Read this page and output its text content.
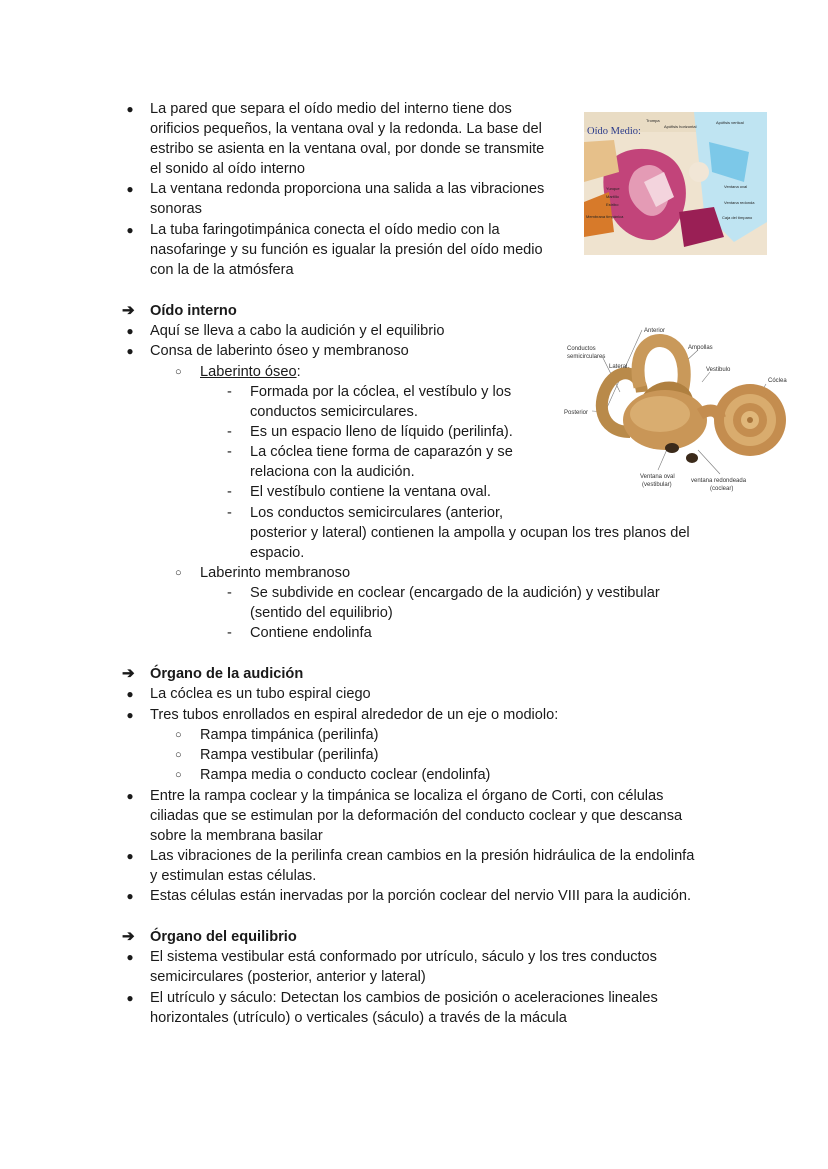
●	La pared que separa el oído medio del interno tiene dos
orificios pequeños, la ventana oval y la redonda. La base del
estribo se asienta en la ventana oval, por donde se transmite
el sonido al oído interno
●	La ventana redonda proporciona una salida a las vibraciones
sonoras
●	La tuba faringotimpánica conecta el oído medio con la
nasofaringe y su función es igualar la presión del oído medio
con la de la atmósfera
Oído Medio:
Yunque
Martillo
Estribo
Ventana oval
Ventana redonda
Caja del tímpano
Membrana timpánica
Trompa
Apófisis horizontal
Apófisis vertical
➔ Oído interno
●	Aquí se lleva a cabo la audición y el equilibrio
●	Consa de laberinto óseo y membranoso
○ Laberinto óseo:
- Formada por la cóclea, el vestíbulo y los
conductos semicirculares.
- Es un espacio lleno de líquido (perilinfa).
- La cóclea tiene forma de caparazón y se
relaciona con la audición.
- El vestíbulo contiene la ventana oval.
- Los conductos semicirculares (anterior,
posterior y lateral) contienen la ampolla y ocupan los tres planos del
espacio.
○ Laberinto membranoso
- Se subdivide en coclear (encargado de la audición) y vestibular
(sentido del equilibrio)
- Contiene endolinfa
Anterior
Conductos
semicirculares
Ampollas
Lateral	Vestibulo
Cóclea
Posterior
Ventana oval
(vestibular)
ventana redondeada
(coclear)
➔ Órgano de la audición
●	La cóclea es un tubo espiral ciego
●	Tres tubos enrollados en espiral alrededor de un eje o modiolo:
○ Rampa timpánica (perilinfa)
○ Rampa vestibular (perilinfa)
○ Rampa media o conducto coclear (endolinfa)
●	Entre la rampa coclear y la timpánica se localiza el órgano de Corti, con células
ciliadas que se estimulan por la deformación del conducto coclear y que descansa
sobre la membrana basilar
●	Las vibraciones de la perilinfa crean cambios en la presión hidráulica de la endolinfa
y estimulan estas células.
●	Estas células están inervadas por la porción coclear del nervio VIII para la audición.
➔ Órgano del equilibrio
●	El sistema vestibular está conformado por utrículo, sáculo y los tres conductos
semicirculares (posterior, anterior y lateral)
●	El utrículo y sáculo: Detectan los cambios de posición o aceleraciones lineales
horizontales (utrículo) o verticales (sáculo) a través de la mácula
